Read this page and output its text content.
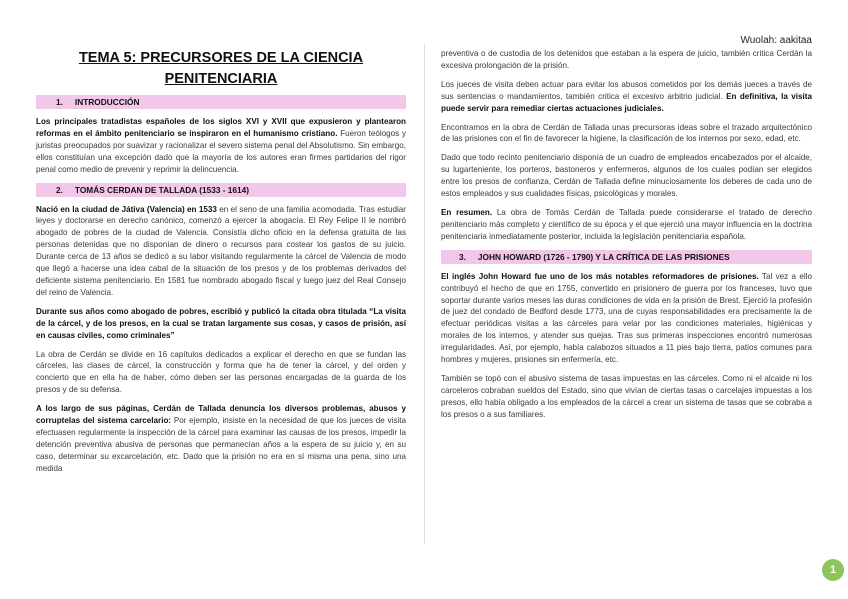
Wuolah: aakitaa
TEMA 5: PRECURSORES DE LA CIENCIA PENITENCIARIA
1. INTRODUCCIÓN

Los principales tratadistas españoles de los siglos XVI y XVII que expusieron y plantearon reformas en el ámbito penitenciario se inspiraron en el humanismo cristiano. Fueron teólogos y juristas preocupados por suavizar y racionalizar el severo sistema penal del Absolutismo. Sin embargo, ellos constituían una excepción dado que la mayoría de los autores eran firmes partidarios del rigor penal como medio de prevenir y reprimir la delincuencia.

2. TOMÁS CERDAN DE TALLADA (1533 - 1614)

Nació en la ciudad de Játiva (Valencia) en 1533 en el seno de una familia acomodada. Tras estudiar leyes y doctorarse en derecho canónico, comenzó a ejercer la abogacía. El Rey Felipe II le nombró abogado de pobres de la ciudad de Valencia. Consistía dicho oficio en la defensa gratuita de las personas detenidas que no disponían de dinero o recursos para costear los gastos de su juicio. Durante cerca de 13 años se dedicó a su labor visitando regularmente la cárcel de Valencia de modo que llegó a hacerse una idea cabal de la situación de los presos y de los problemas derivados del deficiente sistema penitenciario. En 1581 fue nombrado abogado fiscal y luego juez del Real Consejo del reino de Valencia.

Durante sus años como abogado de pobres, escribió y publicó la citada obra titulada “La visita de la cárcel, y de los presos, en la cual se tratan largamente sus cosas, y casos de prisión, así en causas civiles, como criminales”

La obra de Cerdán se divide en 16 capítulos dedicados a explicar el derecho en que se fundan las cárceles, las clases de cárcel, la construcción y forma que ha de tener la cárcel, y del orden y concierto que en ella ha de haber, cómo deben ser las personas encargadas de la guarda de los presos y de su defensa.

A los largo de sus páginas, Cerdán de Tallada denuncia los diversos problemas, abusos y corruptelas del sistema carcelario: Por ejemplo, insiste en la necesidad de que los jueces de visita efectuasen regularmente la inspección de la cárcel para examinar las causas de los presos, impedir la detención preventiva abusiva de personas que permanecían años a la espera de su juicio y, en su caso, determinar su excarcelación, etc. Dado que la prisión no era en sí misma una pena, sino una medida

preventiva o de custodia de los detenidos que estaban a la espera de juicio, también critica Cerdán la excesiva prolongación de la prisión.

Los jueces de visita deben actuar para evitar los abusos cometidos por los demás jueces a través de sus sentencias o mandamientos, también critica el excesivo arbitrio judicial. En definitiva, la visita puede servir para remediar ciertas actuaciones judiciales.

Encontramos en la obra de Cerdán de Tallada unas precursoras ideas sobre el trazado arquitectónico de las prisiones con el fin de favorecer la higiene, la clasificación de los internos por sexo, edad, etc.

Dado que todo recinto penitenciario disponía de un cuadro de empleados encabezados por el alcaide, su lugarteniente, los porteros, bastoneros y enfermeros, algunos de los cuales podían ser elegidos entre los presos de confianza, Cerdán de Tallada define minuciosamente los deberes de cada uno de estos empleados y sus cualidades físicas, psicológicas y morales.

En resumen. La obra de Tomás Cerdán de Tallada puede considerarse el tratado de derecho penitenciario más completo y científico de su época y el que ejerció una mayor influencia en la doctrina penitenciaria inmediatamente posterior, incluida la legislación penitenciaria española.

3. JOHN HOWARD (1726 - 1790) Y LA CRÍTICA DE LAS PRISIONES

El inglés John Howard fue uno de los más notables reformadores de prisiones. Tal vez a ello contribuyó el hecho de que en 1755, convertido en prisionero de guerra por los franceses, tuvo que soportar durante varios meses las duras condiciones de vida en la prisión de Brest. Ejerció la profesión de juez del condado de Bedford desde 1773, una de cuyas responsabilidades era precisamente la de efectuar periódicas visitas a las cárceles para velar por las condiciones materiales, higiénicas y morales de los internos, y atender sus quejas. Tras sus primeras inspecciones encontró numerosas irregularidades. Así, por ejemplo, había calabozos situados a 11 pies bajo tierra, patios comunes para hombres y mujeres, prisiones sin enfermería, etc.

También se topó con el abusivo sistema de tasas impuestas en las cárceles. Como ni el alcaide ni los carceleros cobraban sueldos del Estado, sino que vivían de ciertas tasas o carcelajes impuestas a los presos, ello había obligado a los empleados de la cárcel a crear un sistema de tasas que se cobraba a los presos o a sus familiares.

1
